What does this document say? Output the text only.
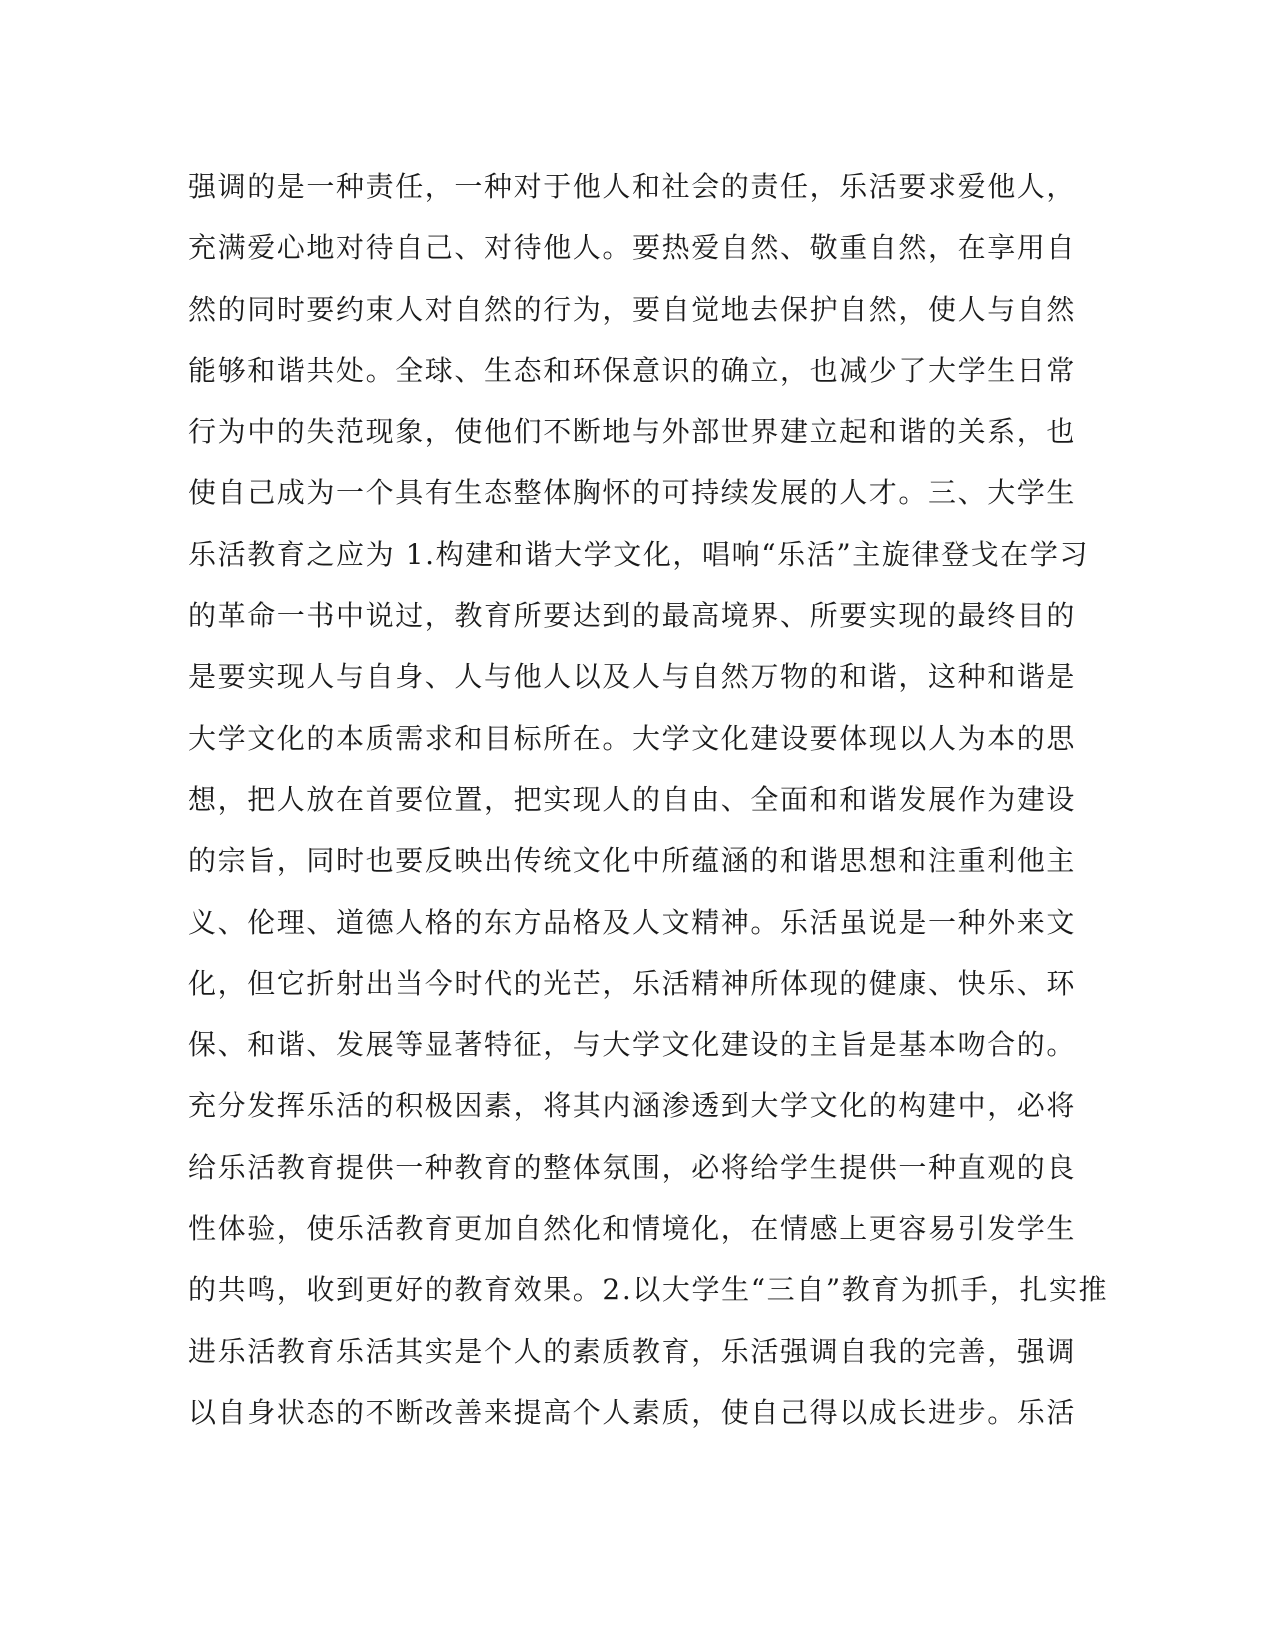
强调的是一种责任，一种对于他人和社会的责任，乐活要求爱他人，
充满爱心地对待自己、对待他人。要热爱自然、敬重自然，在享用自
然的同时要约束人对自然的行为，要自觉地去保护自然，使人与自然
能够和谐共处。全球、生态和环保意识的确立，也减少了大学生日常
行为中的失范现象，使他们不断地与外部世界建立起和谐的关系，也
使自己成为一个具有生态整体胸怀的可持续发展的人才。三、大学生
乐活教育之应为 1.构建和谐大学文化，唱响“乐活”主旋律登戈在学习
的革命一书中说过，教育所要达到的最高境界、所要实现的最终目的
是要实现人与自身、人与他人以及人与自然万物的和谐，这种和谐是
大学文化的本质需求和目标所在。大学文化建设要体现以人为本的思
想，把人放在首要位置，把实现人的自由、全面和和谐发展作为建设
的宗旨，同时也要反映出传统文化中所蕴涵的和谐思想和注重利他主
义、伦理、道德人格的东方品格及人文精神。乐活虽说是一种外来文
化，但它折射出当今时代的光芒，乐活精神所体现的健康、快乐、环
保、和谐、发展等显著特征，与大学文化建设的主旨是基本吻合的。
充分发挥乐活的积极因素，将其内涵渗透到大学文化的构建中，必将
给乐活教育提供一种教育的整体氛围，必将给学生提供一种直观的良
性体验，使乐活教育更加自然化和情境化，在情感上更容易引发学生
的共鸣，收到更好的教育效果。2.以大学生“三自”教育为抓手，扎实推
进乐活教育乐活其实是个人的素质教育，乐活强调自我的完善，强调
以自身状态的不断改善来提高个人素质，使自己得以成长进步。乐活
